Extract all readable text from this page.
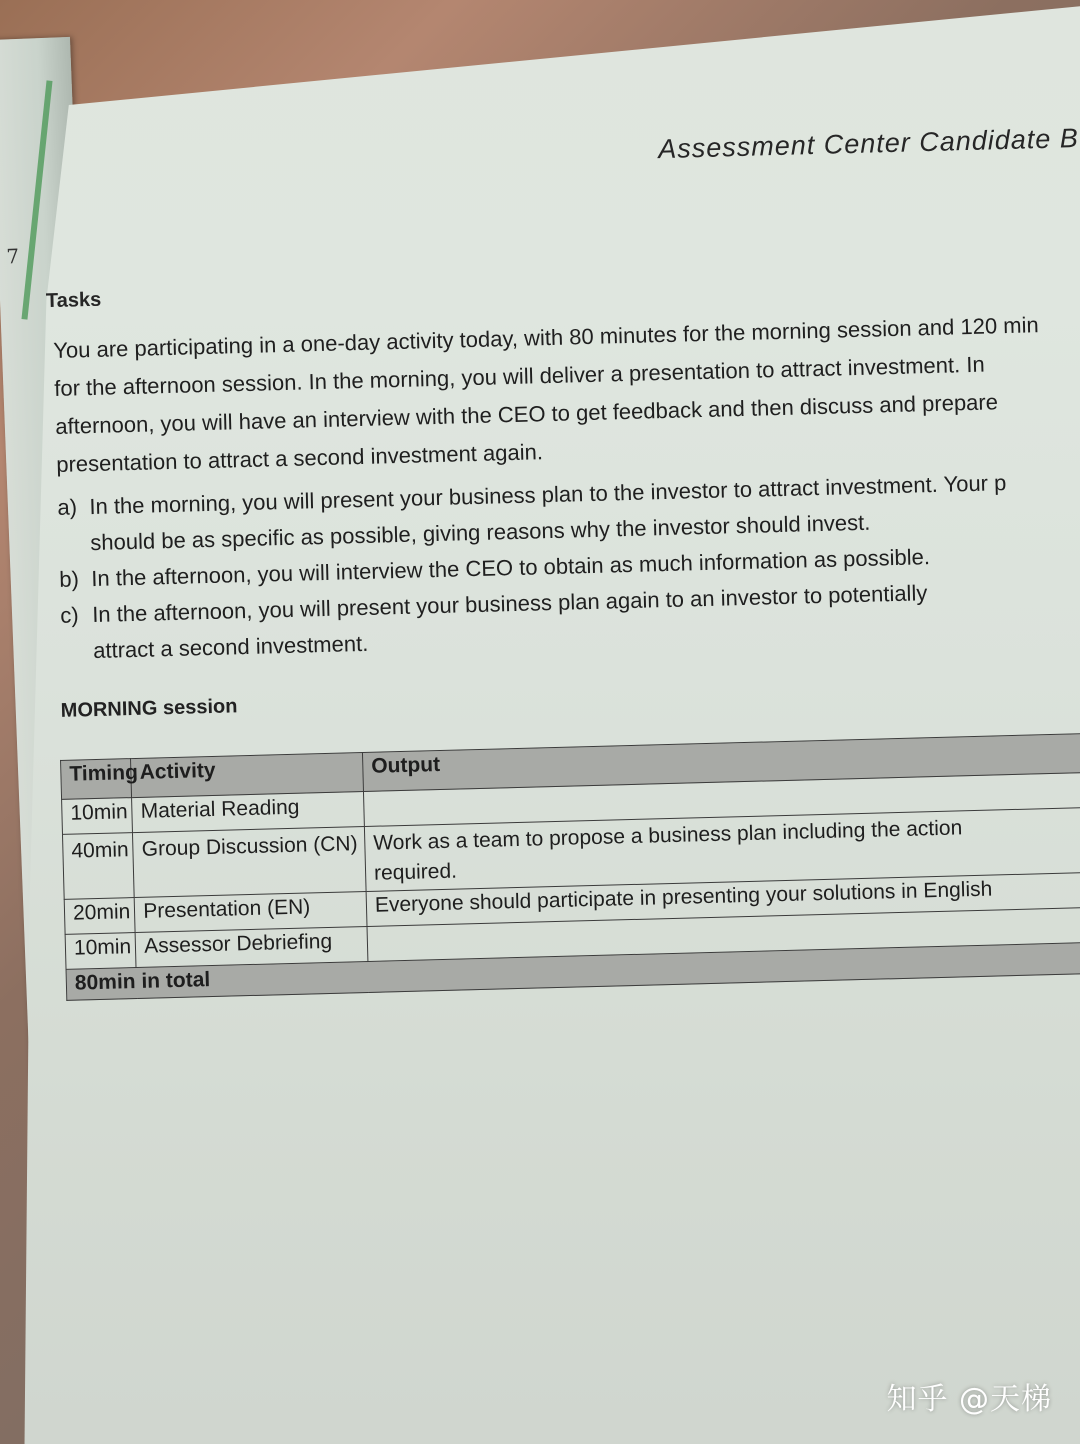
7
Assessment Center Candidate B
Tasks
You are participating in a one-day activity today, with 80 minutes for the morning session and 120 min
for the afternoon session. In the morning, you will deliver a presentation to attract investment. In
afternoon, you will have an interview with the CEO to get feedback and then discuss and prepare
presentation to attract a second investment again.
a) In the morning, you will present your business plan to the investor to attract investment. Your p
should be as specific as possible, giving reasons why the investor should invest.
b) In the afternoon, you will interview the CEO to obtain as much information as possible.
c) In the afternoon, you will present your business plan again to an investor to potentially
attract a second investment.
MORNING session
Timing	Activity	Output
10min	Material Reading	
40min	Group Discussion (CN)	Work as a team to propose a business plan including the action
required.

20min	Presentation (EN)	Everyone should participate in presenting your solutions in English
10min	Assessor Debriefing	
80min in total		
知乎 @天梯
